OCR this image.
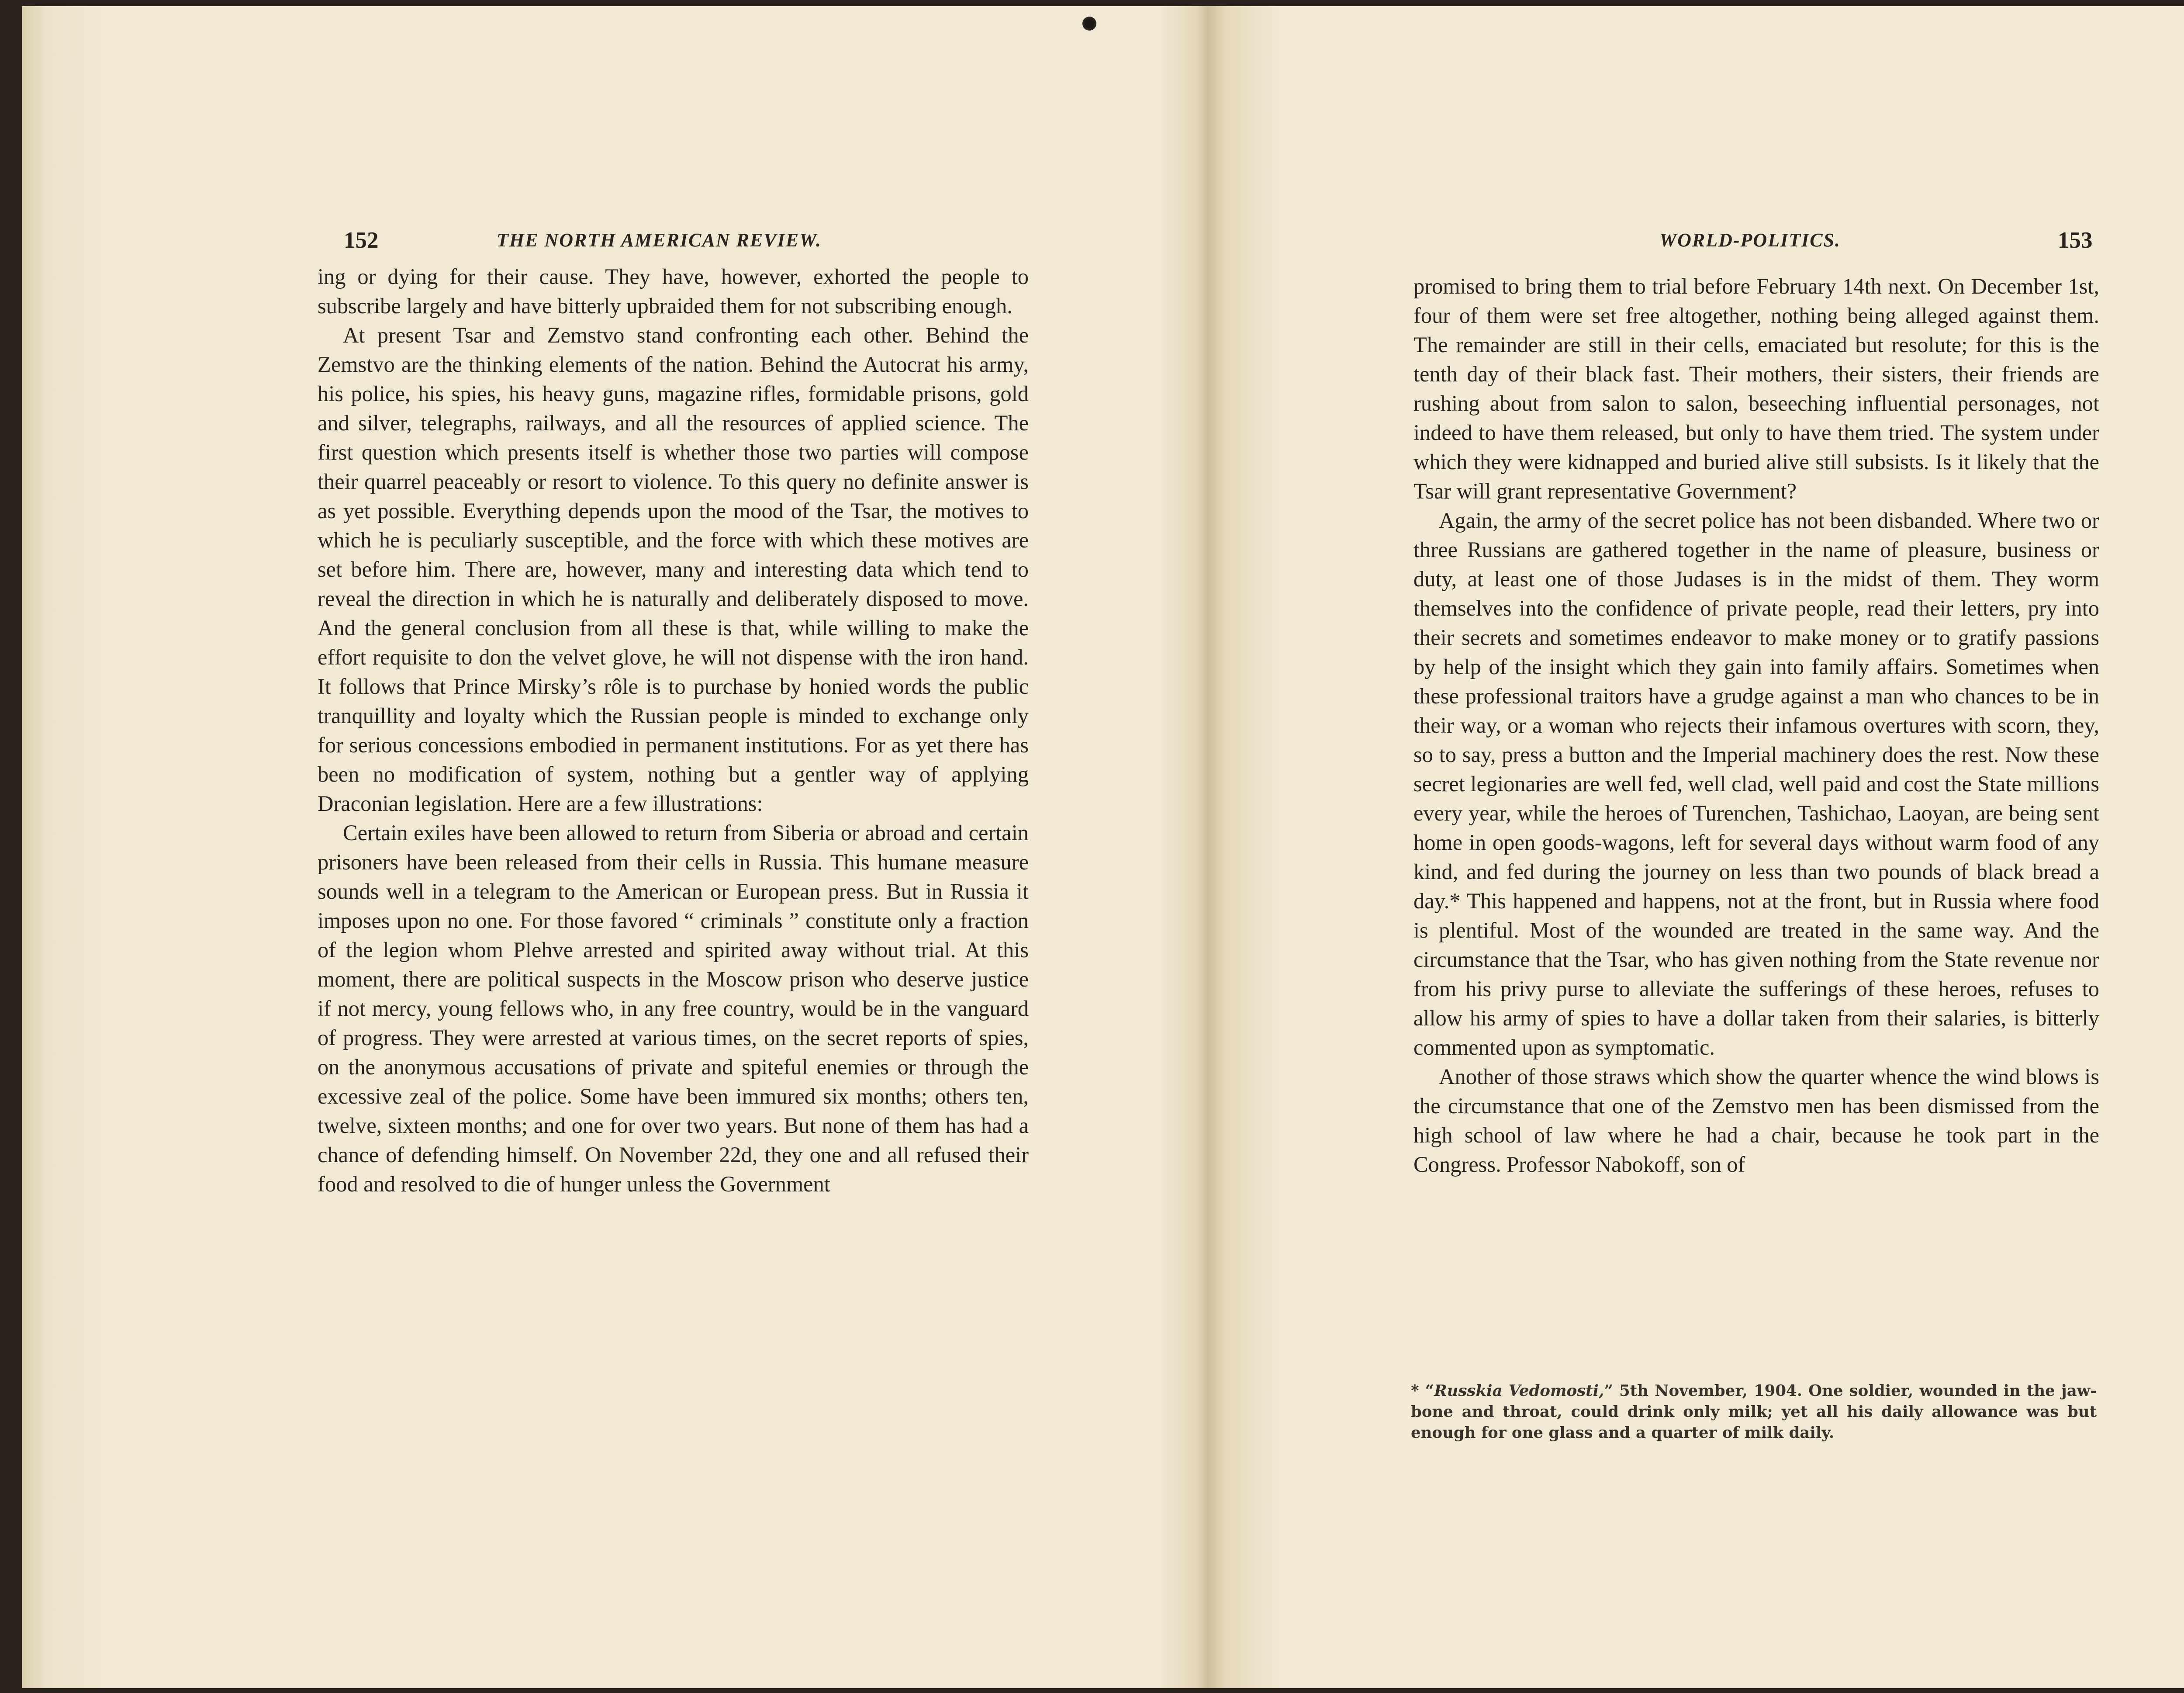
152	THE NORTH AMERICAN REVIEW.

ing or dying for their cause. They have, however, exhorted the people to subscribe largely and have bitterly upbraided them for not subscribing enough.

At present Tsar and Zemstvo stand confronting each other. Behind the Zemstvo are the thinking elements of the nation. Behind the Autocrat his army, his police, his spies, his heavy guns, magazine rifles, formidable prisons, gold and silver, telegraphs, railways, and all the resources of applied science. The first question which presents itself is whether those two parties will compose their quarrel peaceably or resort to violence. To this query no definite answer is as yet possible. Everything depends upon the mood of the Tsar, the motives to which he is peculiarly susceptible, and the force with which these motives are set before him. There are, however, many and interesting data which tend to reveal the direction in which he is naturally and deliberately disposed to move. And the general conclusion from all these is that, while willing to make the effort requisite to don the velvet glove, he will not dispense with the iron hand. It follows that Prince Mirsky’s rôle is to purchase by honied words the public tranquillity and loyalty which the Russian people is minded to exchange only for serious concessions embodied in permanent institutions. For as yet there has been no modification of system, nothing but a gentler way of applying Draconian legislation. Here are a few illustrations:

Certain exiles have been allowed to return from Siberia or abroad and certain prisoners have been released from their cells in Russia. This humane measure sounds well in a telegram to the American or European press. But in Russia it imposes upon no one. For those favored “ criminals ” constitute only a fraction of the legion whom Plehve arrested and spirited away without trial. At this moment, there are political suspects in the Moscow prison who deserve justice if not mercy, young fellows who, in any free country, would be in the vanguard of progress. They were arrested at various times, on the secret reports of spies, on the anonymous accusations of private and spiteful enemies or through the excessive zeal of the police. Some have been immured six months; others ten, twelve, sixteen months; and one for over two years. But none of them has had a chance of defending himself. On November 22d, they one and all refused their food and resolved to die of hunger unless the Government

WORLD-POLITICS.	153

promised to bring them to trial before February 14th next. On December 1st, four of them were set free altogether, nothing being alleged against them. The remainder are still in their cells, emaciated but resolute; for this is the tenth day of their black fast. Their mothers, their sisters, their friends are rushing about from salon to salon, beseeching influential personages, not indeed to have them released, but only to have them tried. The system under which they were kidnapped and buried alive still subsists. Is it likely that the Tsar will grant representative Government?

Again, the army of the secret police has not been disbanded. Where two or three Russians are gathered together in the name of pleasure, business or duty, at least one of those Judases is in the midst of them. They worm themselves into the confidence of private people, read their letters, pry into their secrets and sometimes endeavor to make money or to gratify passions by help of the insight which they gain into family affairs. Sometimes when these professional traitors have a grudge against a man who chances to be in their way, or a woman who rejects their infamous overtures with scorn, they, so to say, press a button and the Imperial machinery does the rest. Now these secret legionaries are well fed, well clad, well paid and cost the State millions every year, while the heroes of Turenchen, Tashichao, Laoyan, are being sent home in open goods-wagons, left for several days without warm food of any kind, and fed during the journey on less than two pounds of black bread a day.* This happened and happens, not at the front, but in Russia where food is plentiful. Most of the wounded are treated in the same way. And the circumstance that the Tsar, who has given nothing from the State revenue nor from his privy purse to alleviate the sufferings of these heroes, refuses to allow his army of spies to have a dollar taken from their salaries, is bitterly commented upon as symptomatic.

Another of those straws which show the quarter whence the wind blows is the circumstance that one of the Zemstvo men has been dismissed from the high school of law where he had a chair, because he took part in the Congress. Professor Nabokoff, son of

* “Russkia Vedomosti,” 5th November, 1904. One soldier, wounded in the jaw-bone and throat, could drink only milk; yet all his daily allowance was but enough for one glass and a quarter of milk daily.
